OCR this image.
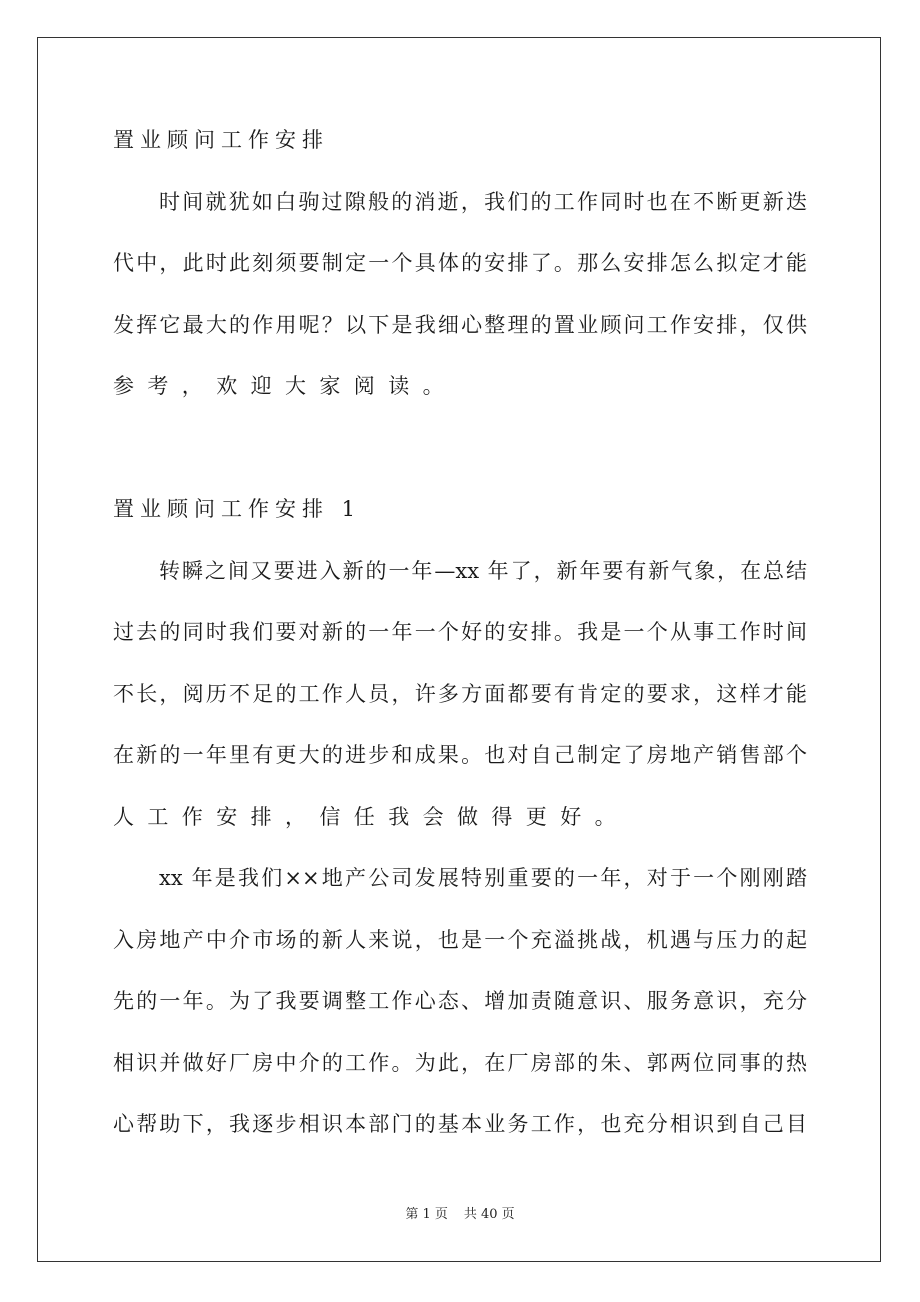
置业顾问工作安排
时间就犹如白驹过隙般的消逝，我们的工作同时也在不断更新迭
代中，此时此刻须要制定一个具体的安排了。那么安排怎么拟定才能
发挥它最大的作用呢？以下是我细心整理的置业顾问工作安排，仅供
参考，欢迎大家阅读。
置业顾问工作安排 1
转瞬之间又要进入新的一年—xx 年了，新年要有新气象，在总结
过去的同时我们要对新的一年一个好的安排。我是一个从事工作时间
不长，阅历不足的工作人员，许多方面都要有肯定的要求，这样才能
在新的一年里有更大的进步和成果。也对自己制定了房地产销售部个
人工作安排，信任我会做得更好。
xx 年是我们××地产公司发展特别重要的一年，对于一个刚刚踏
入房地产中介市场的新人来说，也是一个充溢挑战，机遇与压力的起
先的一年。为了我要调整工作心态、增加责随意识、服务意识，充分
相识并做好厂房中介的工作。为此，在厂房部的朱、郭两位同事的热
心帮助下，我逐步相识本部门的基本业务工作，也充分相识到自己目
第 1 页 共 40 页
